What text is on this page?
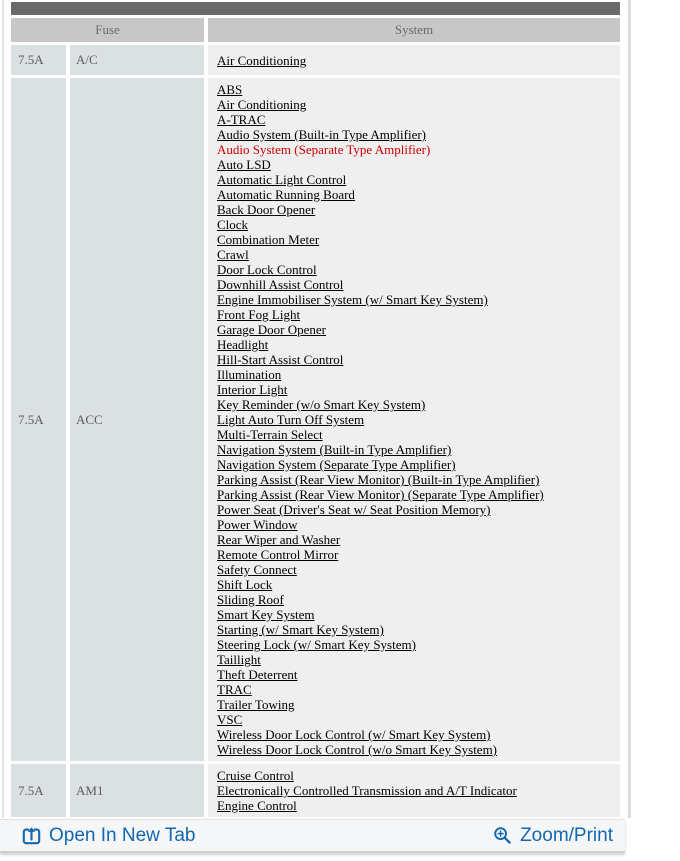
Fuse	System
7.5A	A/C	Air Conditioning
7.5A	ACC
ABS
Air Conditioning
A-TRAC
Audio System (Built-in Type Amplifier)
Audio System (Separate Type Amplifier)
Auto LSD
Automatic Light Control
Automatic Running Board
Back Door Opener
Clock
Combination Meter
Crawl
Door Lock Control
Downhill Assist Control
Engine Immobiliser System (w/ Smart Key System)
Front Fog Light
Garage Door Opener
Headlight
Hill-Start Assist Control
Illumination
Interior Light
Key Reminder (w/o Smart Key System)
Light Auto Turn Off System
Multi-Terrain Select
Navigation System (Built-in Type Amplifier)
Navigation System (Separate Type Amplifier)
Parking Assist (Rear View Monitor) (Built-in Type Amplifier)
Parking Assist (Rear View Monitor) (Separate Type Amplifier)
Power Seat (Driver's Seat w/ Seat Position Memory)
Power Window
Rear Wiper and Washer
Remote Control Mirror
Safety Connect
Shift Lock
Sliding Roof
Smart Key System
Starting (w/ Smart Key System)
Steering Lock (w/ Smart Key System)
Taillight
Theft Deterrent
TRAC
Trailer Towing
VSC
Wireless Door Lock Control (w/ Smart Key System)
Wireless Door Lock Control (w/o Smart Key System)
7.5A	AM1
Cruise Control
Electronically Controlled Transmission and A/T Indicator
Engine Control
Open In New Tab	Zoom/Print
